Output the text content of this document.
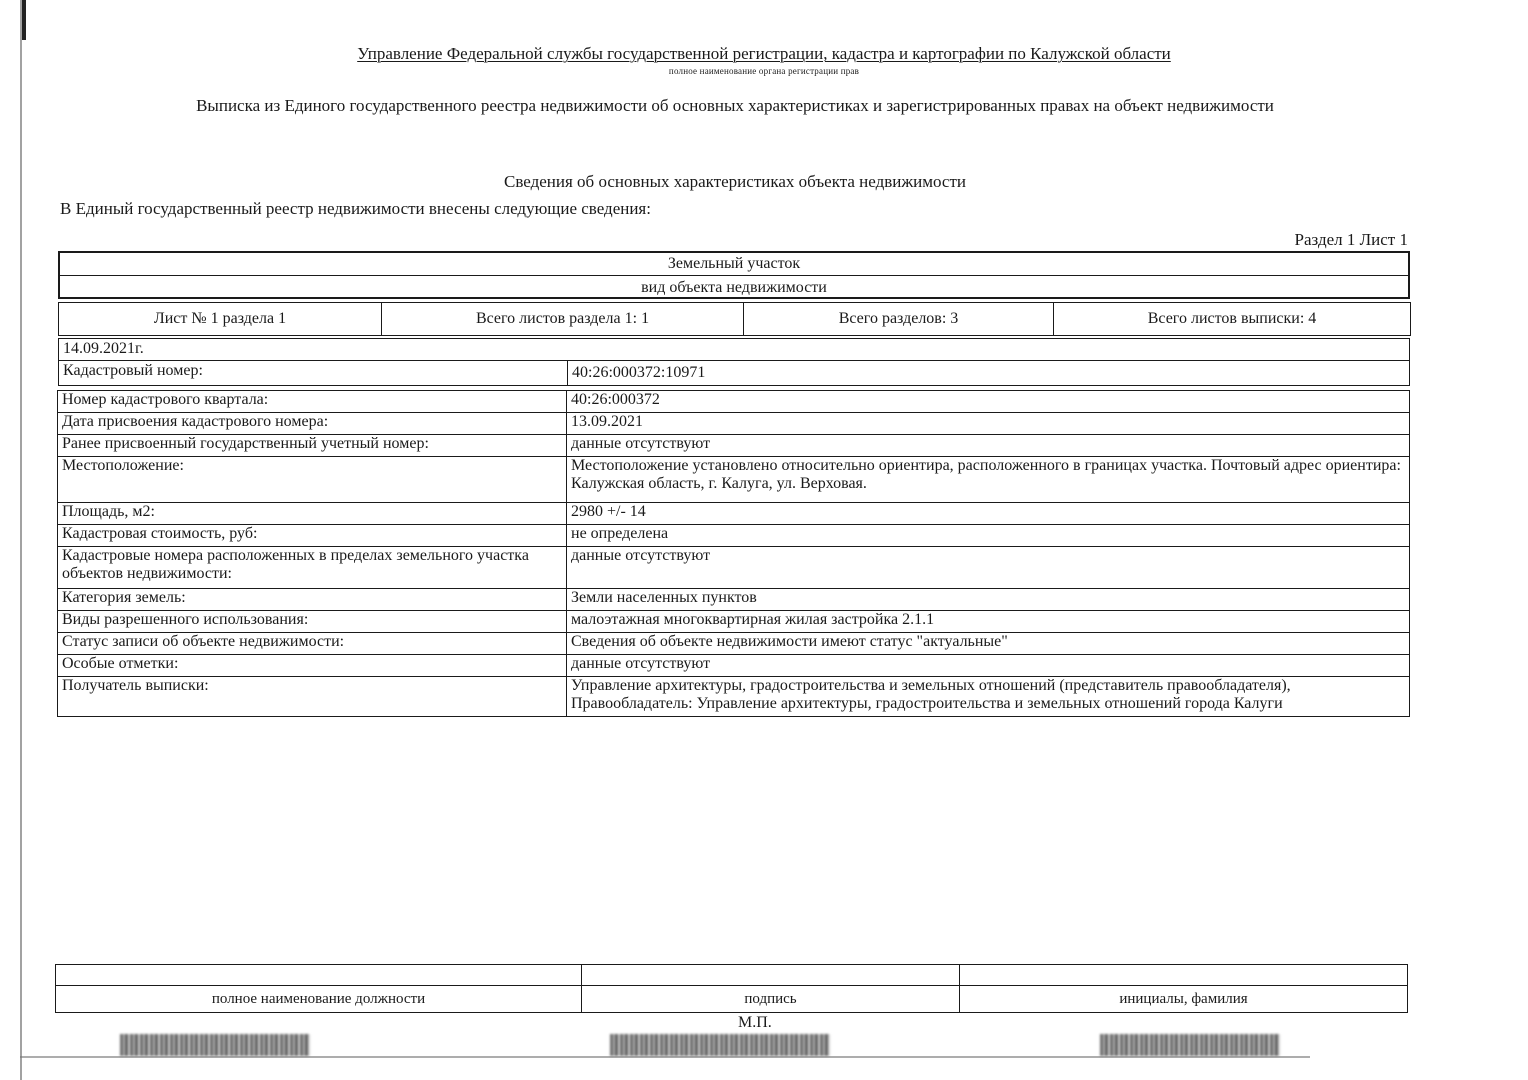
Управление Федеральной службы государственной регистрации, кадастра и картографии по Калужской области
полное наименование органа регистрации прав
Выписка из Единого государственного реестра недвижимости об основных характеристиках и зарегистрированных правах на объект недвижимости
Сведения об основных характеристиках объекта недвижимости
В Единый государственный реестр недвижимости внесены следующие сведения:
Раздел 1 Лист 1
Земельный участок
вид объекта недвижимости
Лист № 1 раздела 1	Всего листов раздела 1: 1	Всего разделов: 3	Всего листов выписки: 4
14.09.2021г.
Кадастровый номер:	40:26:000372:10971
Номер кадастрового квартала:	40:26:000372
Дата присвоения кадастрового номера:	13.09.2021
Ранее присвоенный государственный учетный номер:	данные отсутствуют
Местоположение:	Местоположение установлено относительно ориентира, расположенного в границах участка. Почтовый адрес ориентира: Калужская область, г. Калуга, ул. Верховая.
Площадь, м2:	2980 +/- 14
Кадастровая стоимость, руб:	не определена
Кадастровые номера расположенных в пределах земельного участка объектов недвижимости:	данные отсутствуют
Категория земель:	Земли населенных пунктов
Виды разрешенного использования:	малоэтажная многоквартирная жилая застройка 2.1.1
Статус записи об объекте недвижимости:	Сведения об объекте недвижимости имеют статус "актуальные"
Особые отметки:	данные отсутствуют
Получатель выписки:	Управление архитектуры, градостроительства и земельных отношений (представитель правообладателя), Правообладатель: Управление архитектуры, градостроительства и земельных отношений города Калуги

полное наименование должности	подпись	инициалы, фамилия
М.П.
